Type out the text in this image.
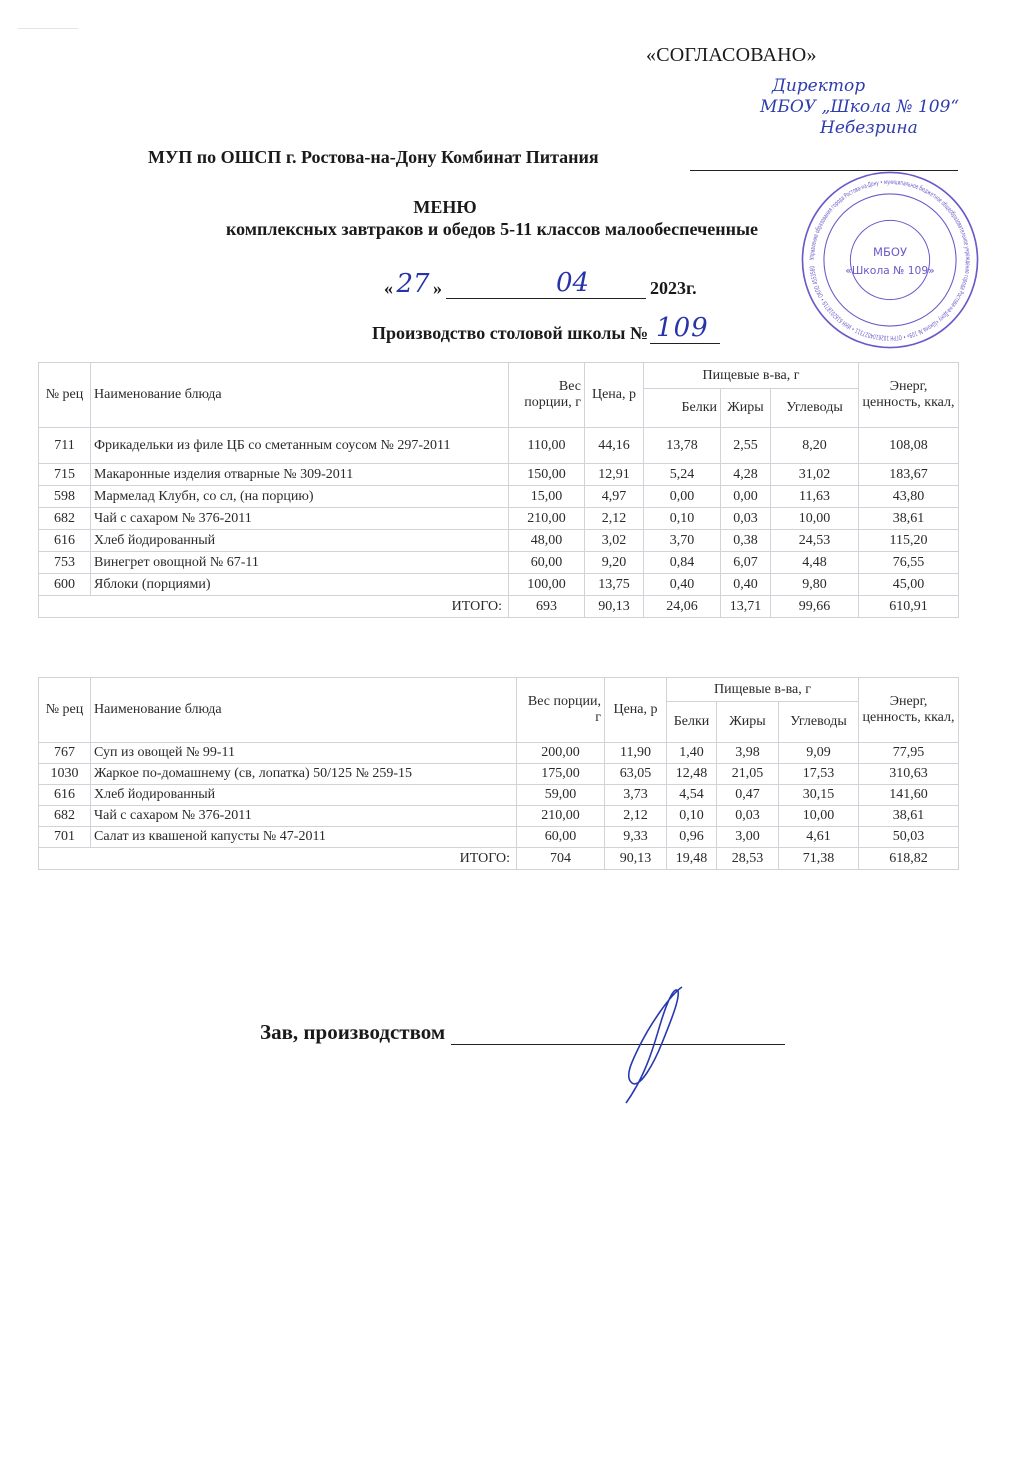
«СОГЛАСОВАНО»
Директор
МБОУ „Школа № 109“
Небезрина
МУП по ОШСП г. Ростова-на-Дону Комбинат Питания
МЕНЮ
комплексных завтраков и обедов 5-11 классов малообеспеченные
« 27 »	04	2023г.
Производство столовой школы № 109
Управление образования города Ростова-на-Дону • муниципальное бюджетное общеобразовательное учреждение города Ростова-на-Дону «Школа № 109» • ОГРН 1026104027311 • ИНН 6162018719 • ОКПО 4553560
МБОУ
«Школа № 109»
№ рец	Наименование блюда	Вес порции, г	Цена, р	Пищевые в-ва, г			Энерг, ценность, ккал,
				Белки	Жиры	Углеводы	
711	Фрикадельки из филе ЦБ со сметанным соусом № 297-2011	110,00	44,16	13,78	2,55	8,20	108,08
715	Макаронные изделия отварные № 309-2011	150,00	12,91	5,24	4,28	31,02	183,67
598	Мармелад Клубн, со сл, (на порцию)	15,00	4,97	0,00	0,00	11,63	43,80
682	Чай с сахаром № 376-2011	210,00	2,12	0,10	0,03	10,00	38,61
616	Хлеб йодированный	48,00	3,02	3,70	0,38	24,53	115,20
753	Винегрет овощной № 67-11	60,00	9,20	0,84	6,07	4,48	76,55
600	Яблоки (порциями)	100,00	13,75	0,40	0,40	9,80	45,00
ИТОГО:		693	90,13	24,06	13,71	99,66	610,91
№ рец	Наименование блюда	Вес порции, г	Цена, р	Пищевые в-ва, г			Энерг, ценность, ккал,
				Белки	Жиры	Углеводы	
767	Суп из овощей № 99-11	200,00	11,90	1,40	3,98	9,09	77,95
1030	Жаркое по-домашнему (св, лопатка) 50/125 № 259-15	175,00	63,05	12,48	21,05	17,53	310,63
616	Хлеб йодированный	59,00	3,73	4,54	0,47	30,15	141,60
682	Чай с сахаром № 376-2011	210,00	2,12	0,10	0,03	10,00	38,61
701	Салат из квашеной капусты № 47-2011	60,00	9,33	0,96	3,00	4,61	50,03
ИТОГО:		704	90,13	19,48	28,53	71,38	618,82
Зав, производством
